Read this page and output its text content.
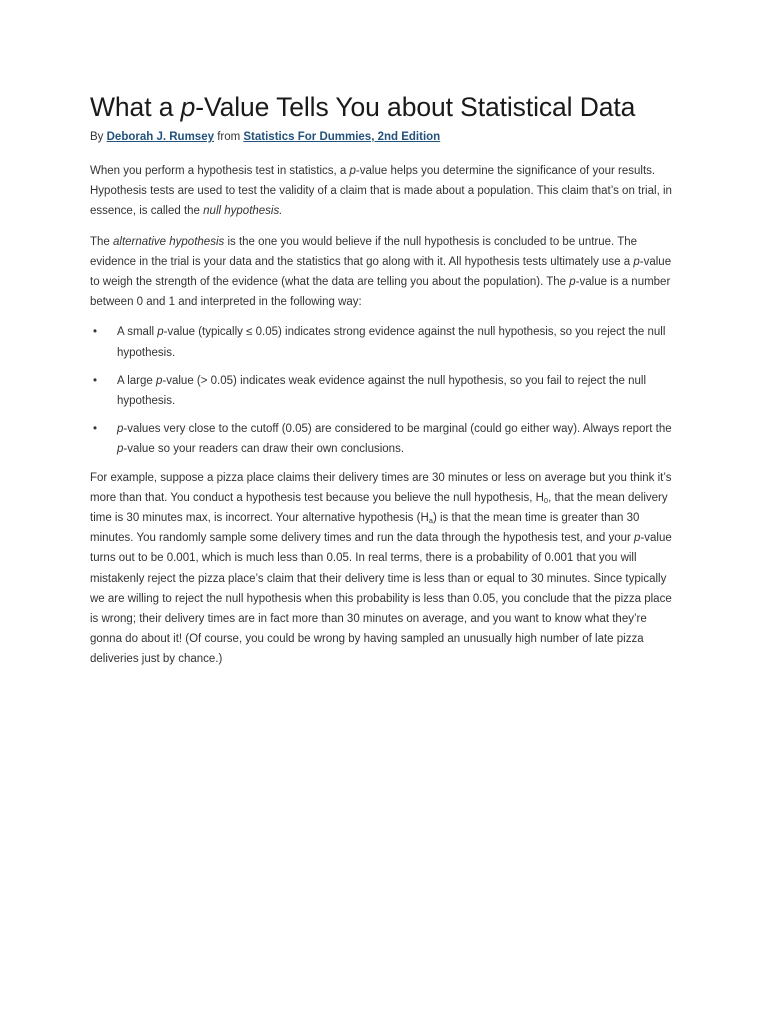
What a p-Value Tells You about Statistical Data
By Deborah J. Rumsey from Statistics For Dummies, 2nd Edition

When you perform a hypothesis test in statistics, a p-value helps you determine the significance of your results. Hypothesis tests are used to test the validity of a claim that is made about a population. This claim that’s on trial, in essence, is called the null hypothesis.

The alternative hypothesis is the one you would believe if the null hypothesis is concluded to be untrue. The evidence in the trial is your data and the statistics that go along with it. All hypothesis tests ultimately use a p-value to weigh the strength of the evidence (what the data are telling you about the population). The p-value is a number between 0 and 1 and interpreted in the following way:

• A small p-value (typically ≤ 0.05) indicates strong evidence against the null hypothesis, so you reject the null hypothesis.
• A large p-value (> 0.05) indicates weak evidence against the null hypothesis, so you fail to reject the null hypothesis.
• p-values very close to the cutoff (0.05) are considered to be marginal (could go either way). Always report the p-value so your readers can draw their own conclusions.

For example, suppose a pizza place claims their delivery times are 30 minutes or less on average but you think it’s more than that. You conduct a hypothesis test because you believe the null hypothesis, $H_0$, that the mean delivery time is 30 minutes max, is incorrect. Your alternative hypothesis $(H_a)$ is that the mean time is greater than 30 minutes. You randomly sample some delivery times and run the data through the hypothesis test, and your p-value turns out to be 0.001, which is much less than 0.05. In real terms, there is a probability of 0.001 that you will mistakenly reject the pizza place’s claim that their delivery time is less than or equal to 30 minutes. Since typically we are willing to reject the null hypothesis when this probability is less than 0.05, you conclude that the pizza place is wrong; their delivery times are in fact more than 30 minutes on average, and you want to know what they’re gonna do about it! (Of course, you could be wrong by having sampled an unusually high number of late pizza deliveries just by chance.)
